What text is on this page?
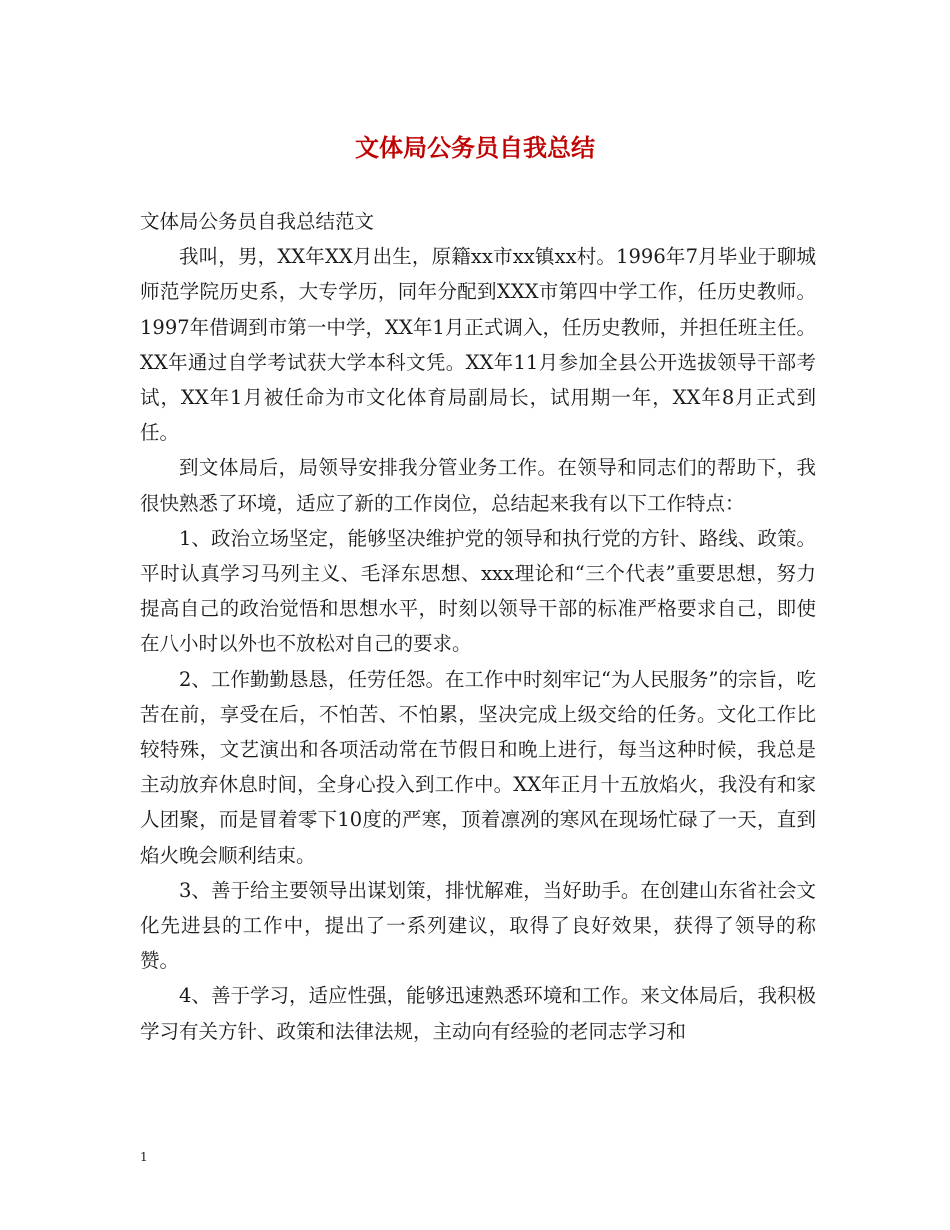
文体局公务员自我总结

文体局公务员自我总结范文

我叫，男，XX年XX月出生，原籍xx市xx镇xx村。1996年7月毕业于聊城师范学院历史系，大专学历，同年分配到XXX市第四中学工作，任历史教师。1997年借调到市第一中学，XX年1月正式调入，任历史教师，并担任班主任。XX年通过自学考试获大学本科文凭。XX年11月参加全县公开选拔领导干部考试，XX年1月被任命为市文化体育局副局长，试用期一年，XX年8月正式到任。

到文体局后，局领导安排我分管业务工作。在领导和同志们的帮助下，我很快熟悉了环境，适应了新的工作岗位，总结起来我有以下工作特点：

1、政治立场坚定，能够坚决维护党的领导和执行党的方针、路线、政策。平时认真学习马列主义、毛泽东思想、xxx理论和“三个代表”重要思想，努力提高自己的政治觉悟和思想水平，时刻以领导干部的标准严格要求自己，即使在八小时以外也不放松对自己的要求。

2、工作勤勤恳恳，任劳任怨。在工作中时刻牢记“为人民服务”的宗旨，吃苦在前，享受在后，不怕苦、不怕累，坚决完成上级交给的任务。文化工作比较特殊，文艺演出和各项活动常在节假日和晚上进行，每当这种时候，我总是主动放弃休息时间，全身心投入到工作中。XX年正月十五放焰火，我没有和家人团聚，而是冒着零下10度的严寒，顶着凛冽的寒风在现场忙碌了一天，直到焰火晚会顺利结束。

3、善于给主要领导出谋划策，排忧解难，当好助手。在创建山东省社会文化先进县的工作中，提出了一系列建议，取得了良好效果，获得了领导的称赞。

4、善于学习，适应性强，能够迅速熟悉环境和工作。来文体局后，我积极学习有关方针、政策和法律法规，主动向有经验的老同志学习和

1
